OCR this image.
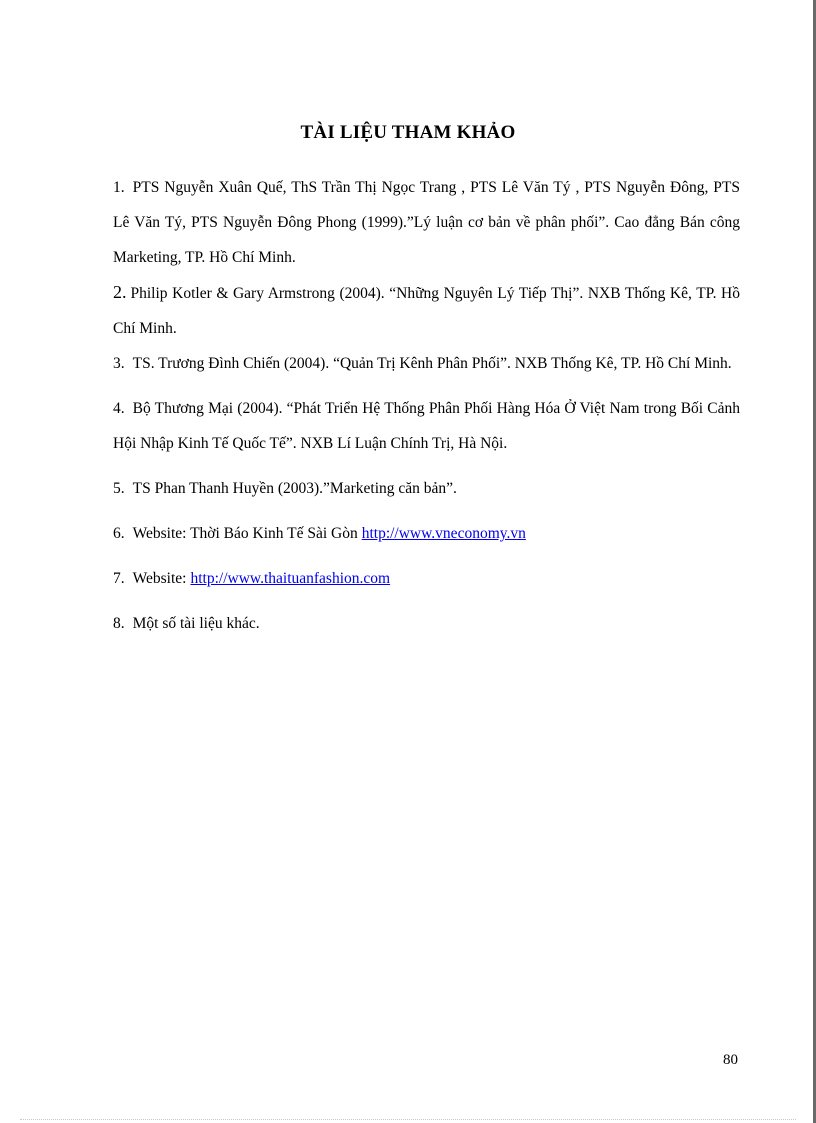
TÀI LIỆU THAM KHẢO

1. PTS Nguyễn Xuân Quế, ThS Trần Thị Ngọc Trang , PTS Lê Văn Tý , PTS Nguyễn Đông, PTS Lê Văn Tý, PTS Nguyễn Đông Phong (1999).”Lý luận cơ bản về phân phối”. Cao đẳng Bán công Marketing, TP. Hồ Chí Minh.

2. Philip Kotler & Gary Armstrong (2004). “Những Nguyên Lý Tiếp Thị”. NXB Thống Kê, TP. Hồ Chí Minh.

3. TS. Trương Đình Chiến (2004). “Quản Trị Kênh Phân Phối”. NXB Thống Kê, TP. Hồ Chí Minh.

4. Bộ Thương Mại (2004). “Phát Triển Hệ Thống Phân Phối Hàng Hóa Ở Việt Nam trong Bối Cảnh Hội Nhập Kinh Tế Quốc Tế”. NXB Lí Luận Chính Trị, Hà Nội.

5. TS Phan Thanh Huyền (2003).”Marketing căn bản”.

6. Website: Thời Báo Kinh Tế Sài Gòn http://www.vneconomy.vn

7. Website: http://www.thaituanfashion.com

8. Một số tài liệu khác.

80
